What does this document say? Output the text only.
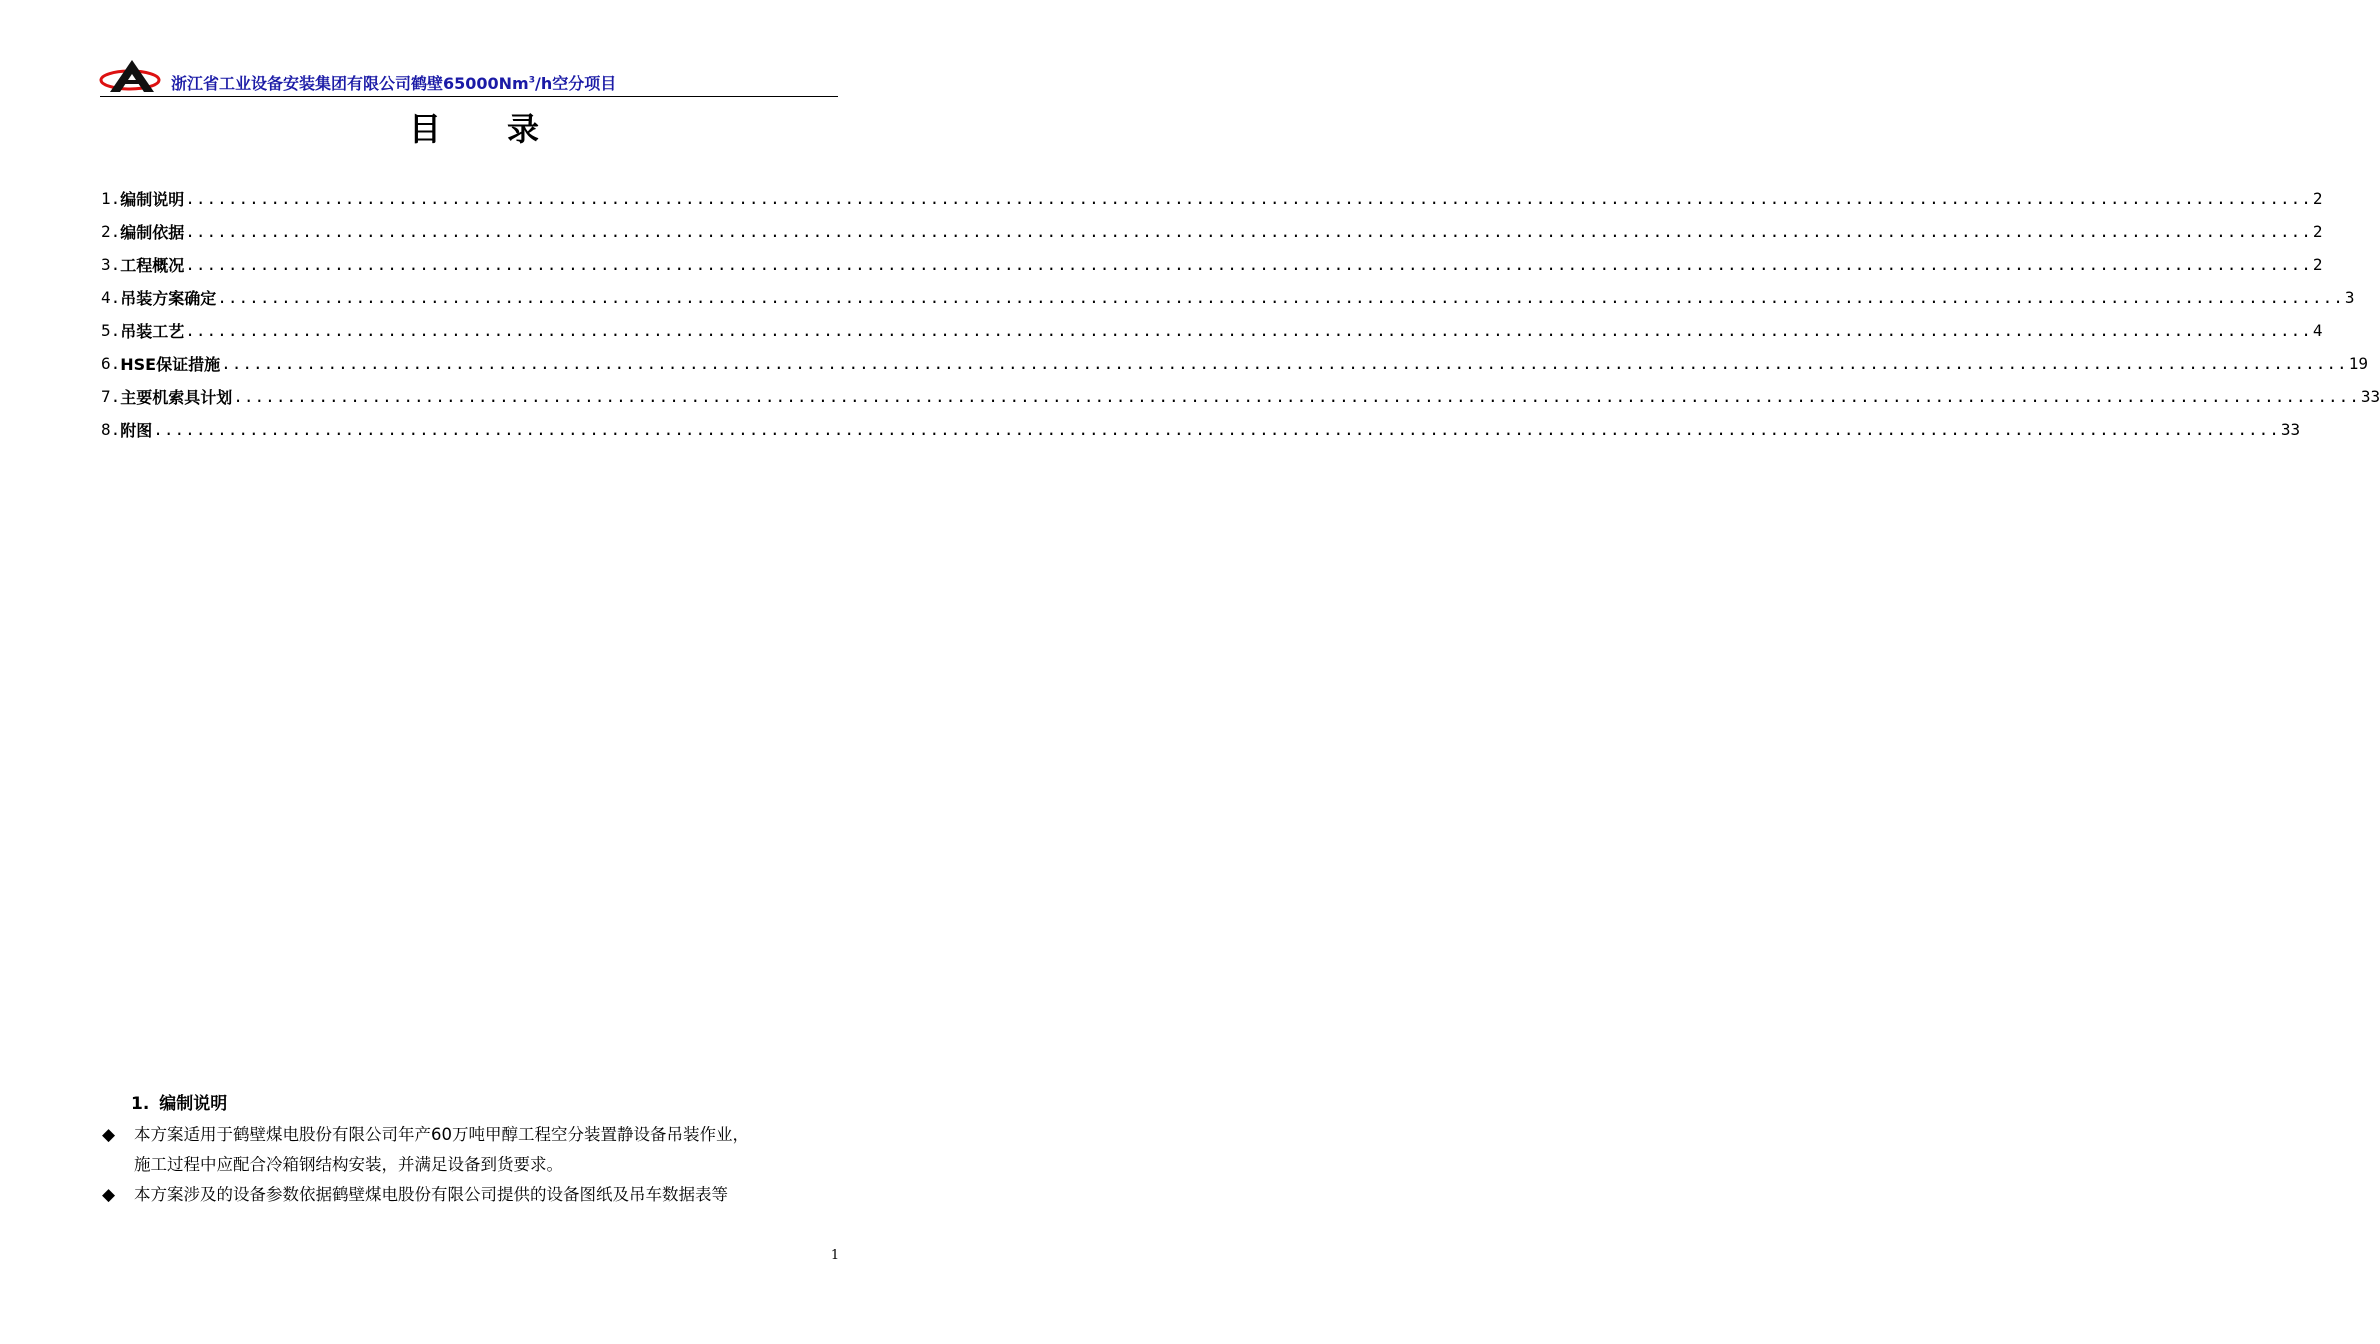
浙江省工业设备安装集团有限公司鹤壁65000Nm$^3$/h空分项目
目 录
1. 编制说明 ........................................................................................................................................................................................................ 2
2. 编制依据 ........................................................................................................................................................................................................ 2
3. 工程概况 ........................................................................................................................................................................................................ 2
4. 吊装方案确定 ........................................................................................................................................................................................................ 3
5. 吊装工艺 ........................................................................................................................................................................................................ 4
6. HSE保证措施 ........................................................................................................................................................................................................ 19
7. 主要机索具计划 ........................................................................................................................................................................................................ 33
8. 附图 ........................................................................................................................................................................................................ 33
1. 编制说明
◆ 本方案适用于鹤壁煤电股份有限公司年产60万吨甲醇工程空分装置静设备吊装作业，
施工过程中应配合冷箱钢结构安装，并满足设备到货要求。
◆ 本方案涉及的设备参数依据鹤壁煤电股份有限公司提供的设备图纸及吊车数据表等
1
